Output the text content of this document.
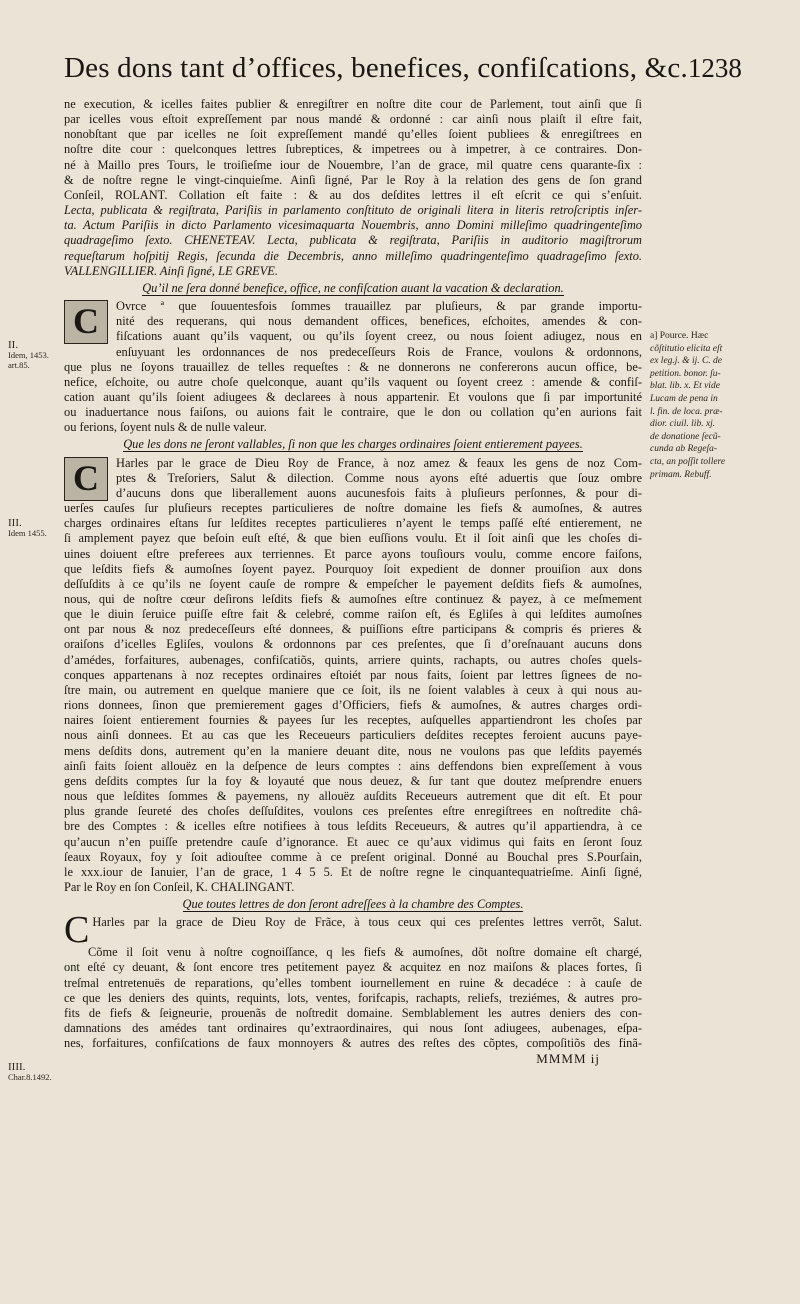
Des dons tant d’offices, benefices, confiſcations, &c. 1238
II.
Idem, 1453.
art.85.
III.
Idem 1455.
IIII.
Char.8.1492.
a] Pource. Hæc
cõſtitutio elicita eſt
ex leg.j. & ij. C. de
petition. bonor. ſu-
blat. lib. x. Et vide
Lucam de pena in
l. fin. de loca. præ-
dior. ciuil. lib. xj.
de donatione ſecũ-
cunda ab Regeſa-
cta, an poſſit tollere
primam. Rebuff.
ne execution, & icelles faites publier & enregiſtrer en noſtre dite cour de Parlement, tout ainſi que ſi
par icelles vous eſtoit expreſſement par nous mandé & ordonné : car ainſi nous plaiſt il eſtre fait,
nonobſtant que par icelles ne ſoit expreſſement mandé qu’elles ſoient publiees & enregiſtrees en
noſtre dite cour : quelconques lettres ſubreptices, & impetrees ou à impetrer, à ce contraires. Don-
né à Maillo pres Tours, le troiſieſme iour de Nouembre, l’an de grace, mil quatre cens quarante-ſix :
& de noſtre regne le vingt-cinquieſme. Ainſi ſigné, Par le Roy à la relation des gens de ſon grand
Conſeil, ROLANT. Collation eſt faite : & au dos deſdites lettres il eſt eſcrit ce qui s’enſuit.
Lecta, publicata & regiſtrata, Pariſiis in parlamento conſtituto de originali litera in literis retroſcriptis inſer-
ta. Actum Pariſiis in dicto Parlamento vicesimaquarta Nouembris, anno Domini milleſimo quadringenteſimo
quadrageſimo ſexto. CHENETEAV. Lecta, publicata & regiſtrata, Pariſiis in auditorio magiſtrorum
requeſtarum hoſpitij Regis, ſecunda die Decembris, anno milleſimo quadringenteſimo quadrageſimo ſexto.
VALLENGILLIER. Ainſi ſigné, LE GREVE.
Qu’il ne ſera donné benefice, office, ne confiſcation auant la vacation & declaration.
C	Ovrce ª que ſouuentesfois ſommes trauaillez par pluſieurs, & par grande importu-
nité des requerans, qui nous demandent offices, benefices, eſchoites, amendes & con-
fiſcations auant qu’ils vaquent, ou qu’ils ſoyent creez, ou nous ſoient adiugez, nous en
enſuyuant les ordonnances de nos predeceſſeurs Rois de France, voulons & ordonnons,
que plus ne ſoyons trauaillez de telles requeſtes : & ne donnerons ne confererons aucun office, be-
nefice, eſchoite, ou autre choſe quelconque, auant qu’ils vaquent ou ſoyent creez : amende & confiſ-
cation auant qu’ils ſoient adiugees & declarees à nous appartenir. Et voulons que ſi par importunité
ou inaduertance nous faiſons, ou auions fait le contraire, que le don ou collation qu’en aurions fait
ou ferions, ſoyent nuls & de nulle valeur.
Que les dons ne ſeront vallables, ſi non que les charges ordinaires ſoient entierement payees.
C	Harles par le grace de Dieu Roy de France, à noz amez & feaux les gens de noz Com-
ptes & Treſoriers, Salut & dilection. Comme nous ayons eſté aduertis que ſouz ombre
d’aucuns dons que liberallement auons aucunesfois faits à pluſieurs perſonnes, & pour di-
uerſes cauſes ſur pluſieurs receptes particulieres de noſtre domaine les fiefs & aumoſnes, & autres
charges ordinaires eſtans ſur leſdites receptes particulieres n’ayent le temps paſſé eſté entierement, ne
ſi amplement payez que beſoin euſt eſté, & que bien euſſions voulu. Et il ſoit ainſi que les choſes di-
uines doiuent eſtre preferees aux terriennes. Et parce ayons touſiours voulu, comme encore faiſons,
que leſdits fiefs & aumoſnes ſoyent payez. Pourquoy ſoit expedient de donner prouiſion aux dons
deſſuſdits à ce qu’ils ne ſoyent cauſe de rompre & empeſcher le payement deſdits fiefs & aumoſnes,
nous, qui de noſtre cœur deſirons leſdits fiefs & aumoſnes eſtre continuez & payez, à ce meſmement
que le diuin ſeruice puiſſe eſtre fait & celebré, comme raiſon eſt, és Egliſes à qui leſdites aumoſnes
ont par nous & noz predeceſſeurs eſté donnees, & puiſſions eſtre participans & compris és prieres &
oraiſons d’icelles Egliſes, voulons & ordonnons par ces preſentes, que ſi d’oreſnauant aucuns dons
d’amédes, forfaitures, aubenages, confiſcatiõs, quints, arriere quints, rachapts, ou autres choſes quels-
conques appartenans à noz receptes ordinaires eſtoiét par nous faits, ſoient par lettres ſignees de no-
ſtre main, ou autrement en quelque maniere que ce ſoit, ils ne ſoient valables à ceux à qui nous au-
rions donnees, ſinon que premierement gages d’Officiers, fiefs & aumoſnes, & autres charges ordi-
naires ſoient entierement fournies & payees ſur les receptes, auſquelles appartiendront les choſes par
nous ainſi donnees. Et au cas que les Receueurs particuliers deſdites receptes feroient aucuns paye-
mens deſdits dons, autrement qu’en la maniere deuant dite, nous ne voulons pas que leſdits payemés
ainſi faits ſoient allouëz en la deſpence de leurs comptes : ains deffendons bien expreſſement à vous
gens deſdits comptes ſur la foy & loyauté que nous deuez, & ſur tant que doutez meſprendre enuers
nous que leſdites ſommes & payemens, ny allouëz auſdits Receueurs autrement que dit eſt. Et pour
plus grande ſeureté des choſes deſſuſdites, voulons ces preſentes eſtre enregiſtrees en noſtredite châ-
bre des Comptes : & icelles eſtre notifiees à tous leſdits Receueurs, & autres qu’il appartiendra, à ce
qu’aucun n’en puiſſe pretendre cauſe d’ignorance. Et auec ce qu’aux vidimus qui faits en ſeront ſouz
ſeaux Royaux, foy y ſoit adiouſtee comme à ce preſent original. Donné au Bouchal pres S.Pourſain,
le xxx.iour de Ianuier, l’an de grace, 1 4 5 5. Et de noſtre regne le cinquantequatrieſme. Ainſi ſigné,
Par le Roy en ſon Conſeil, K. CHALINGANT.
Que toutes lettres de don ſeront adreſſees à la chambre des Comptes.
C Harles par la grace de Dieu Roy de Frãce, à tous ceux qui ces preſentes lettres verrõt, Salut.
Cõme il ſoit venu à noſtre cognoiſſance, q les fiefs & aumoſnes, dõt noſtre domaine eſt chargé,
ont eſté cy deuant, & ſont encore tres petitement payez & acquitez en noz maiſons & places fortes, ſi
treſmal entretenuës de reparations, qu’elles tombent iournellement en ruine & decadéce : à cauſe de
ce que les deniers des quints, requints, lots, ventes, forifcapis, rachapts, reliefs, treziémes, & autres pro-
fits de fiefs & ſeigneurie, prouenãs de noſtredit domaine. Semblablement les autres deniers des con-
damnations des amédes tant ordinaires qu’extraordinaires, qui nous ſont adiugees, aubenages, eſpa-
nes, forfaitures, confiſcations de faux monnoyers & autres des reſtes des cõptes, compoſitiõs des finã-
MMMM ij
